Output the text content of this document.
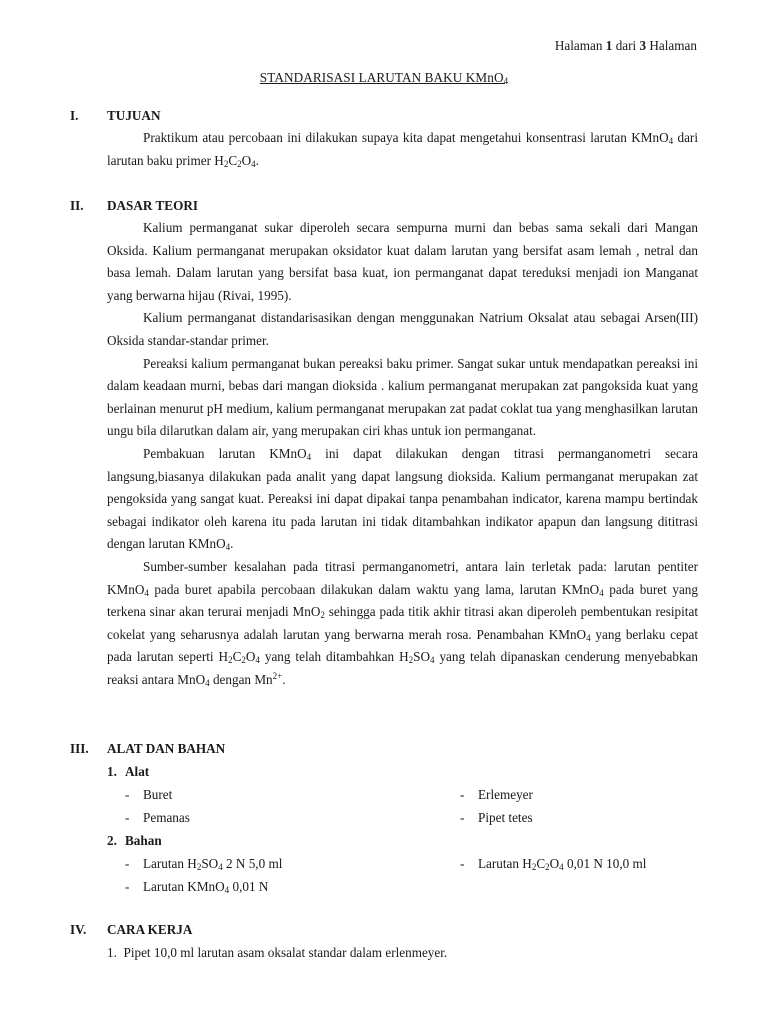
Halaman 1 dari 3 Halaman
STANDARISASI LARUTAN BAKU KMnO$_4$
I. TUJUAN

Praktikum atau percobaan ini dilakukan supaya kita dapat mengetahui konsentrasi larutan KMnO$_4$ dari larutan baku primer $H_2C_2O_4$.

II. DASAR TEORI

Kalium permanganat sukar diperoleh secara sempurna murni dan bebas sama sekali dari Mangan Oksida. Kalium permanganat merupakan oksidator kuat dalam larutan yang bersifat asam lemah , netral dan basa lemah. Dalam larutan yang bersifat basa kuat, ion permanganat dapat tereduksi menjadi ion Manganat yang berwarna hijau (Rivai, 1995).

Kalium permanganat distandarisasikan dengan menggunakan Natrium Oksalat atau sebagai Arsen(III) Oksida standar-standar primer.

Pereaksi kalium permanganat bukan pereaksi baku primer. Sangat sukar untuk mendapatkan pereaksi ini dalam keadaan murni, bebas dari mangan dioksida . kalium permanganat merupakan zat pangoksida kuat yang berlainan menurut pH medium, kalium permanganat merupakan zat padat coklat tua yang menghasilkan larutan ungu bila dilarutkan dalam air, yang merupakan ciri khas untuk ion permanganat.

Pembakuan larutan KMnO$_4$ ini dapat dilakukan dengan titrasi permanganometri secara langsung,biasanya dilakukan pada analit yang dapat langsung dioksida. Kalium permanganat merupakan zat pengoksida yang sangat kuat. Pereaksi ini dapat dipakai tanpa penambahan indicator, karena mampu bertindak sebagai indikator oleh karena itu pada larutan ini tidak ditambahkan indikator apapun dan langsung dititrasi dengan larutan KMnO$_4$.

Sumber-sumber kesalahan pada titrasi permanganometri, antara lain terletak pada: larutan pentiter KMnO$_4$ pada buret apabila percobaan dilakukan dalam waktu yang lama, larutan KMnO$_4$ pada buret yang terkena sinar akan terurai menjadi MnO$_2$ sehingga pada titik akhir titrasi akan diperoleh pembentukan resipitat cokelat yang seharusnya adalah larutan yang berwarna merah rosa. Penambahan KMnO$_4$ yang berlaku cepat pada larutan seperti $H_2C_2O_4$ yang telah ditambahkan $H_2SO_4$ yang telah dipanaskan cenderung menyebabkan reaksi antara MnO$_4$ dengan $Mn^{2+}$.

III. ALAT DAN BAHAN
1. Alat
- Buret	- Erlemeyer
- Pemanas	- Pipet tetes
2. Bahan
- Larutan $H_2SO_4$ 2 N 5,0 ml	- Larutan $H_2C_2O_4$ 0,01 N 10,0 ml
- Larutan KMnO$_4$ 0,01 N
IV. CARA KERJA
1.  Pipet 10,0 ml larutan asam oksalat standar dalam erlenmeyer.
